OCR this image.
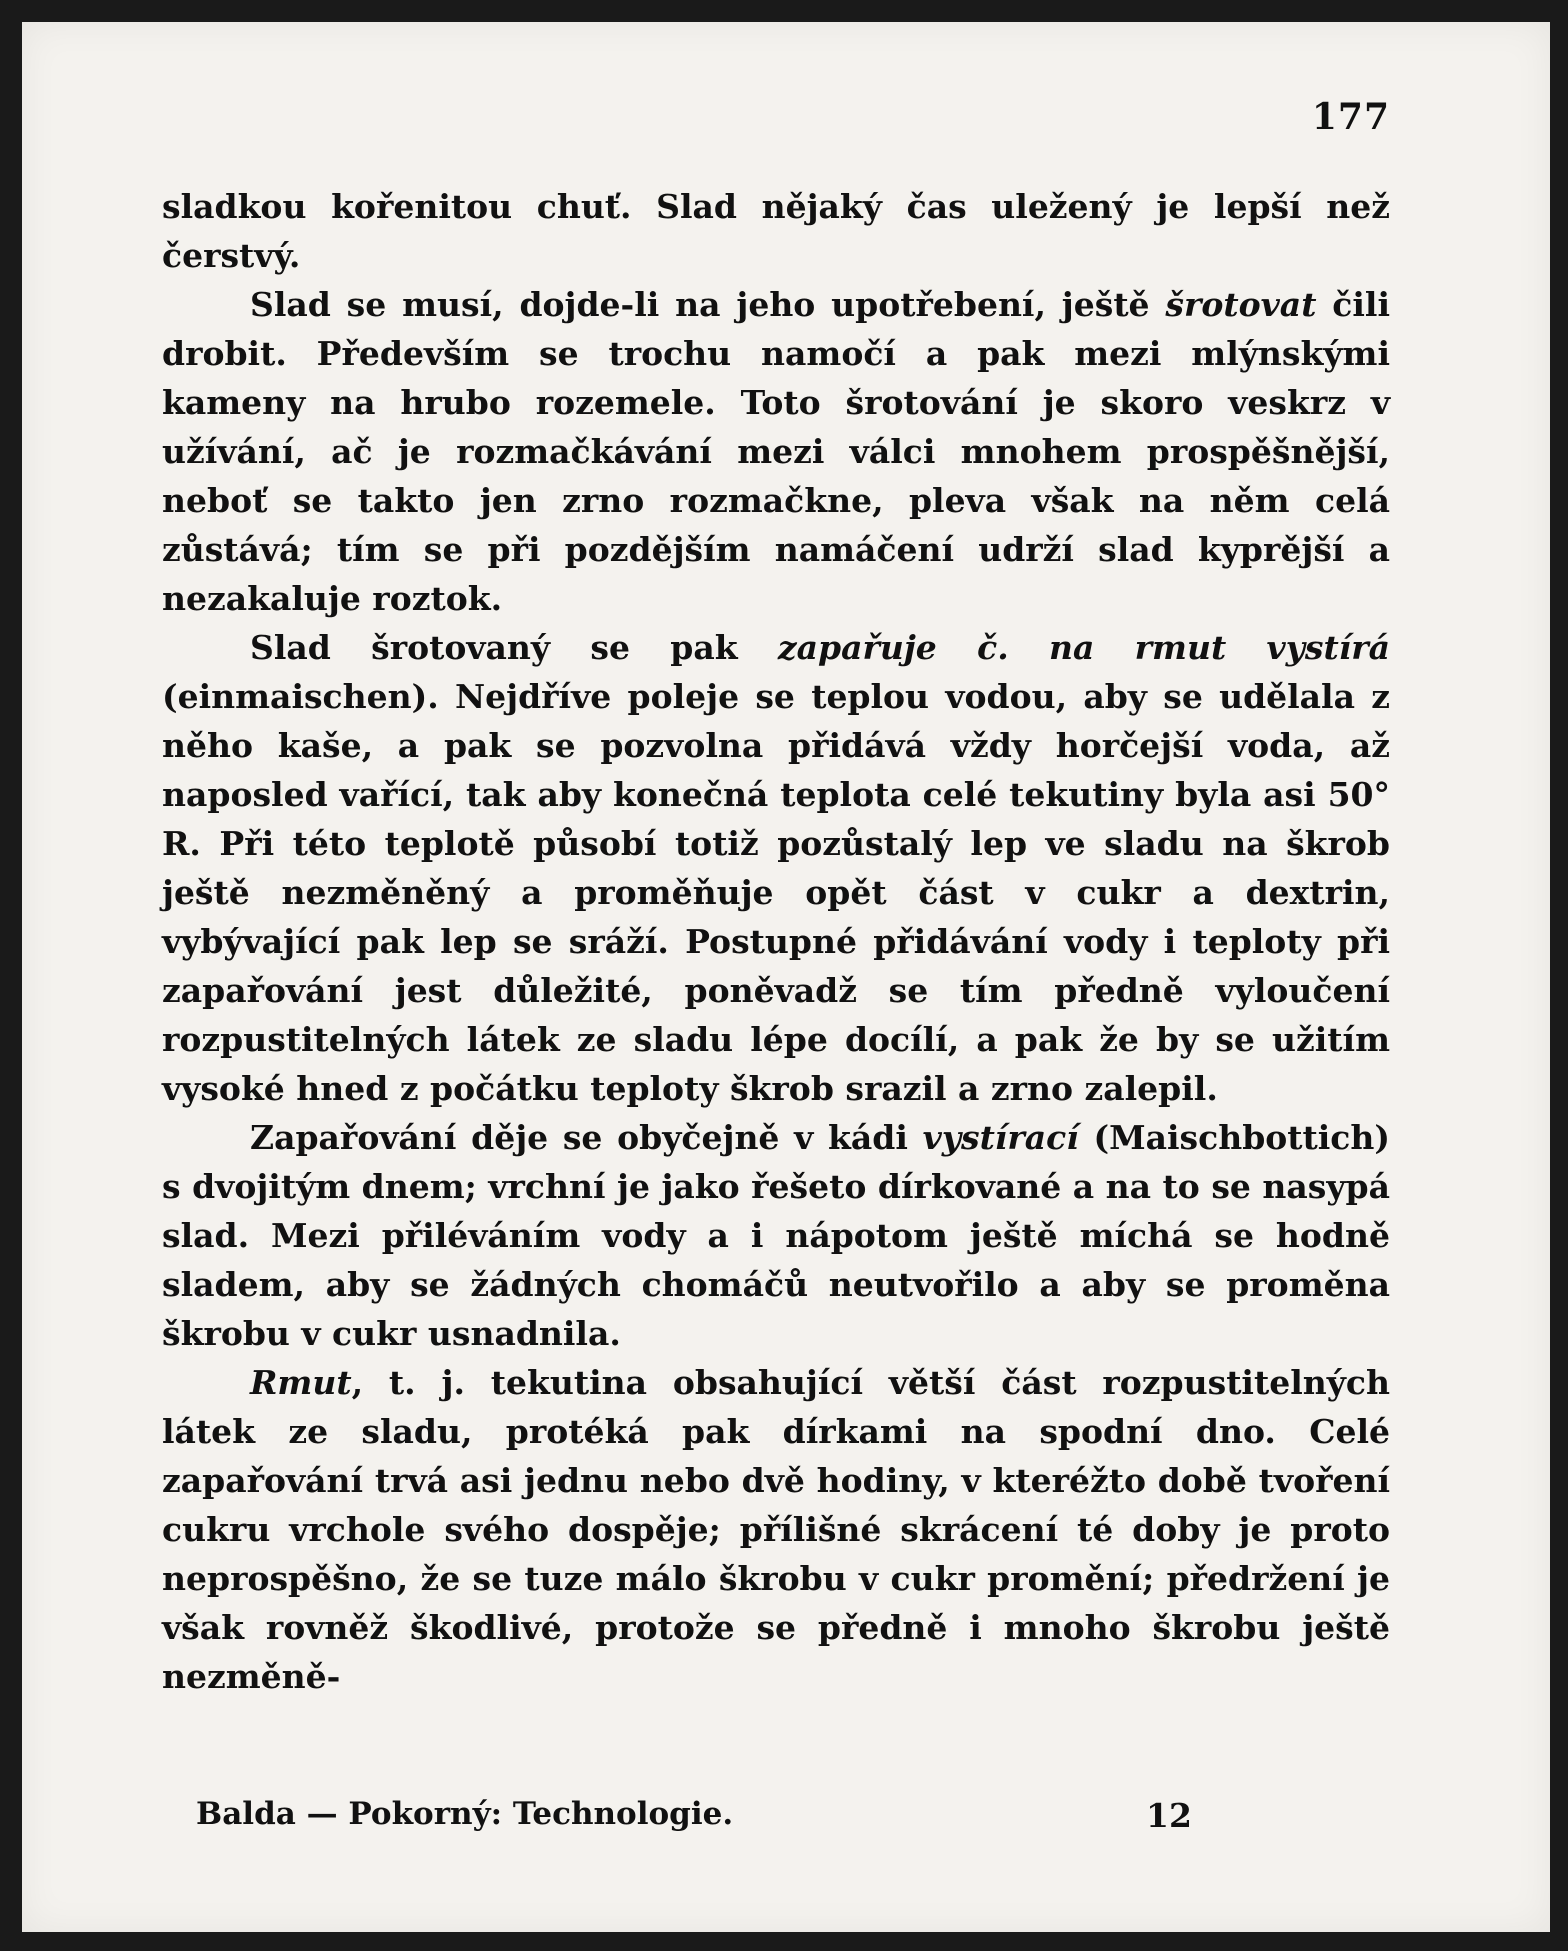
177

sladkou kořenitou chuť. Slad nějaký čas uležený je lepší než čerstvý.

Slad se musí, dojde-li na jeho upotřebení, ještě šrotovat čili drobit. Především se trochu namočí a pak mezi mlýnskými kameny na hrubo rozemele. Toto šrotování je skoro veskrz v užívání, ač je rozmačkávání mezi válci mnohem prospěšnější, neboť se takto jen zrno rozmačkne, pleva však na něm celá zůstává; tím se při pozdějším namáčení udrží slad kyprější a nezakaluje roztok.

Slad šrotovaný se pak zapařuje č. na rmut vystírá (einmaischen). Nejdříve poleje se teplou vodou, aby se udělala z něho kaše, a pak se pozvolna přidává vždy horčejší voda, až naposled vařící, tak aby konečná teplota celé tekutiny byla asi 50° R. Při této teplotě působí totiž pozůstalý lep ve sladu na škrob ještě nezměněný a proměňuje opět část v cukr a dextrin, vybývající pak lep se sráží. Postupné přidávání vody i teploty při zapařování jest důležité, poněvadž se tím předně vyloučení rozpustitelných látek ze sladu lépe docílí, a pak že by se užitím vysoké hned z počátku teploty škrob srazil a zrno zalepil.

Zapařování děje se obyčejně v kádi vystírací (Maischbottich) s dvojitým dnem; vrchní je jako řešeto dírkované a na to se nasypá slad. Mezi přiléváním vody a i nápotom ještě míchá se hodně sladem, aby se žádných chomáčů neutvořilo a aby se proměna škrobu v cukr usnadnila.

Rmut, t. j. tekutina obsahující větší část rozpustitelných látek ze sladu, protéká pak dírkami na spodní dno. Celé zapařování trvá asi jednu nebo dvě hodiny, v kteréžto době tvoření cukru vrchole svého dospěje; přílišné skrácení té doby je proto neprospěšno, že se tuze málo škrobu v cukr promění; předržení je však rovněž škodlivé, protože se předně i mnoho škrobu ještě nezměně-

Balda — Pokorný: Technologie.	12
